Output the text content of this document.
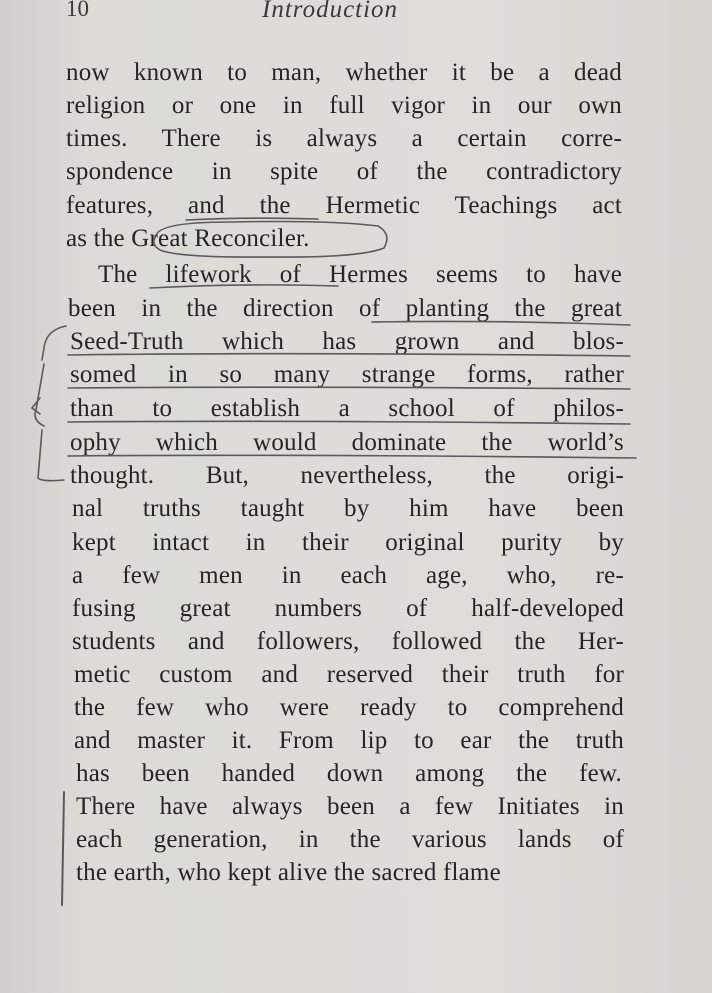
10	Introduction
now known to man, whether it be a dead
religion or one in full vigor in our own
times. There is always a certain corre-
spondence in spite of the contradictory
features, and the Hermetic Teachings act
as the Great Reconciler.
The lifework of Hermes seems to have
been in the direction of planting the great
Seed-Truth which has grown and blos-
somed in so many strange forms, rather
than to establish a school of philos-
ophy which would dominate the world’s
thought. But, nevertheless, the origi-
nal truths taught by him have been
kept intact in their original purity by
a few men in each age, who, re-
fusing great numbers of half-developed
students and followers, followed the Her-
metic custom and reserved their truth for
the few who were ready to comprehend
and master it. From lip to ear the truth
has been handed down among the few.
There have always been a few Initiates in
each generation, in the various lands of
the earth, who kept alive the sacred flame
